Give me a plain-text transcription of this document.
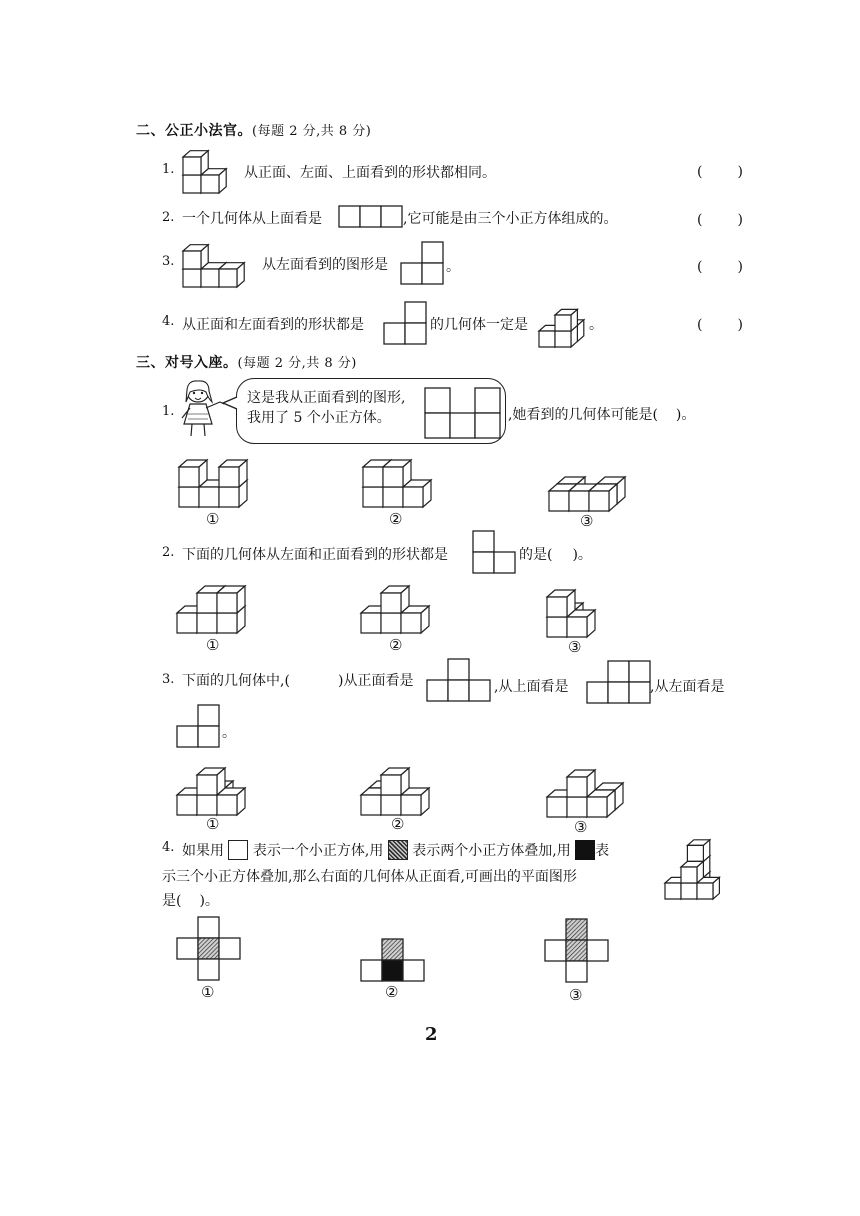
二、公正小法官。(每题 2 分,共 8 分)
1.	从正面、左面、上面看到的形状都相同。	(	)
2. 一个几何体从上面看是	,它可能是由三个小正方体组成的。	(	)
3.	从左面看到的图形是	。	(	)
4. 从正面和左面看到的形状都是	的几何体一定是	。	(	)
三、对号入座。(每题 2 分,共 8 分)
1.
这是我从正面看到的图形,
我用了 5 个小正方体。	,她看到的几何体可能是( )。
①	②	③
2. 下面的几何体从左面和正面看到的形状都是	的是( )。
①	②	③
3. 下面的几何体中,(	)从正面看是	,从上面看是	,从左面看是
。
①	②	③
4. 如果用 表示一个小正方体,用 表示两个小正方体叠加,用 表
示三个小正方体叠加,那么右面的几何体从正面看,可画出的平面图形
是( )。
①	②	③
2
